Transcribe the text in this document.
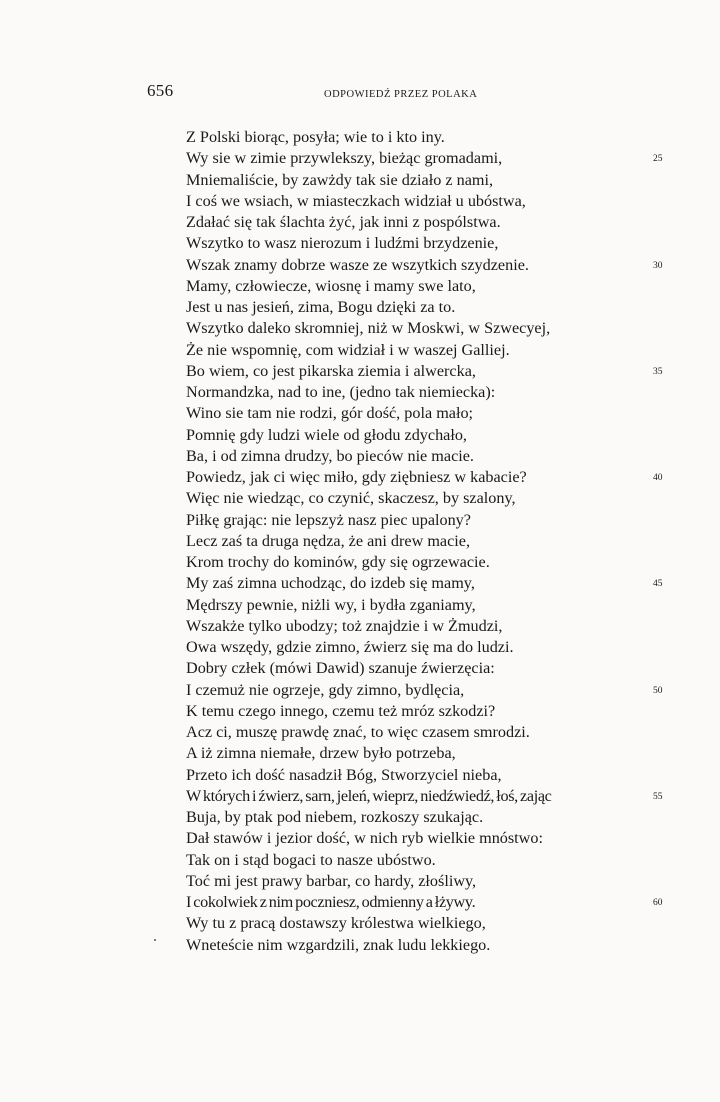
656	ODPOWIEDŹ PRZEZ POLAKA
Z Polski biorąc, posyła; wie to i kto iny.
Wy sie w zimie przywlekszy, bieżąc gromadami,	25
Mniemaliście, by zawżdy tak sie działo z nami,
I coś we wsiach, w miasteczkach widział u ubóstwa,
Zdałać się tak ślachta żyć, jak inni z pospólstwa.
Wszytko to wasz nierozum i ludźmi brzydzenie,
Wszak znamy dobrze wasze ze wszytkich szydzenie.	30
Mamy, człowiecze, wiosnę i mamy swe lato,
Jest u nas jesień, zima, Bogu dzięki za to.
Wszytko daleko skromniej, niż w Moskwi, w Szwecyej,
Że nie wspomnię, com widział i w waszej Galliej.
Bo wiem, co jest pikarska ziemia i alwercka,	35
Normandzka, nad to ine, (jedno tak niemiecka):
Wino sie tam nie rodzi, gór dość, pola mało;
Pomnię gdy ludzi wiele od głodu zdychało,
Ba, i od zimna drudzy, bo pieców nie macie.
Powiedz, jak ci więc miło, gdy ziębniesz w kabacie?	40
Więc nie wiedząc, co czynić, skaczesz, by szalony,
Piłkę grając: nie lepszyż nasz piec upalony?
Lecz zaś ta druga nędza, że ani drew macie,
Krom trochy do kominów, gdy się ogrzewacie.
My zaś zimna uchodząc, do izdeb się mamy,	45
Mędrszy pewnie, niżli wy, i bydła zganiamy,
Wszakże tylko ubodzy; toż znajdzie i w Żmudzi,
Owa wszędy, gdzie zimno, źwierz się ma do ludzi.
Dobry człek (mówi Dawid) szanuje źwierzęcia:
I czemuż nie ogrzeje, gdy zimno, bydlęcia,	50
K temu czego innego, czemu też mróz szkodzi?
Acz ci, muszę prawdę znać, to więc czasem smrodzi.
A iż zimna niemałe, drzew było potrzeba,
Przeto ich dość nasadził Bóg, Stworzyciel nieba,
W których i źwierz, sarn, jeleń, wieprz, niedźwiedź, łoś, zając	55
Buja, by ptak pod niebem, rozkoszy szukając.
Dał stawów i jezior dość, w nich ryb wielkie mnóstwo:
Tak on i stąd bogaci to nasze ubóstwo.
Toć mi jest prawy barbar, co hardy, złośliwy,
I cokolwiek z nim poczniesz, odmienny a łżywy.	60
Wy tu z pracą dostawszy królestwa wielkiego,
Wneteście nim wzgardzili, znak ludu lekkiego.
